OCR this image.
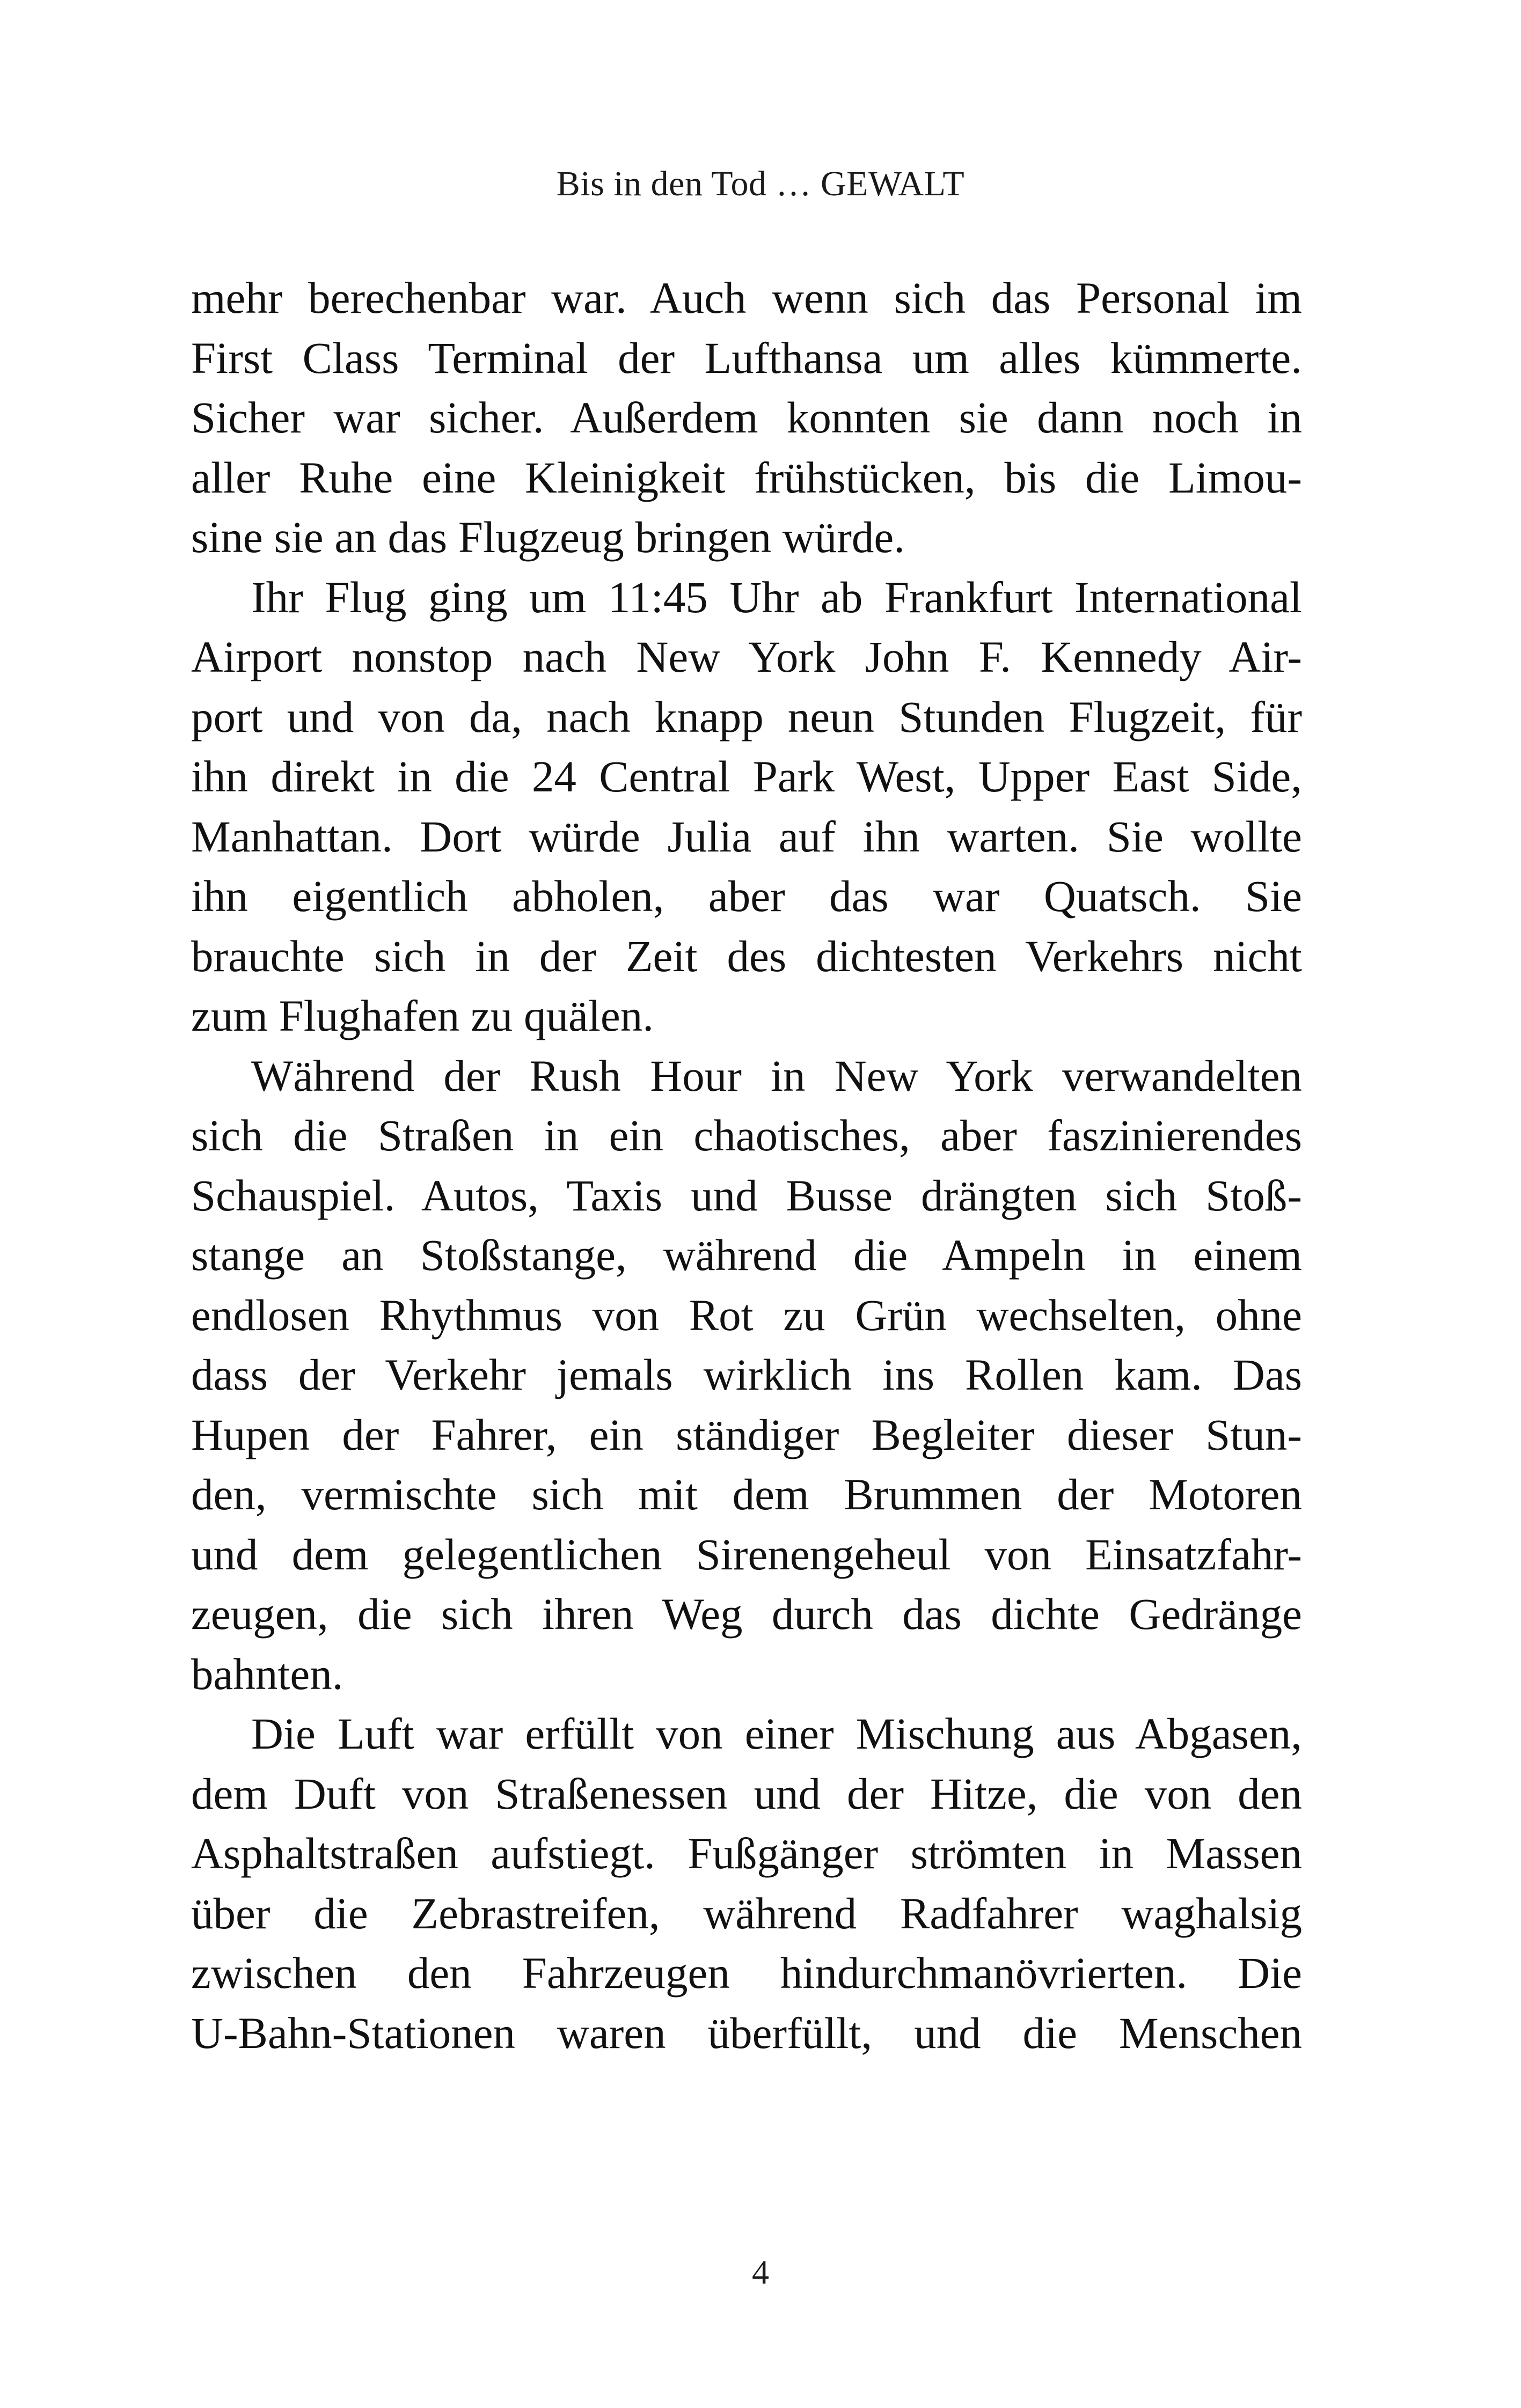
Bis in den Tod … GEWALT
mehr berechenbar war. Auch wenn sich das Personal im
First Class Terminal der Lufthansa um alles kümmerte.
Sicher war sicher. Außerdem konnten sie dann noch in
aller Ruhe eine Kleinigkeit frühstücken, bis die Limou-
sine sie an das Flugzeug bringen würde.
Ihr Flug ging um 11:45 Uhr ab Frankfurt International
Airport nonstop nach New York John F. Kennedy Air-
port und von da, nach knapp neun Stunden Flugzeit, für
ihn direkt in die 24 Central Park West, Upper East Side,
Manhattan. Dort würde Julia auf ihn warten. Sie wollte
ihn eigentlich abholen, aber das war Quatsch. Sie
brauchte sich in der Zeit des dichtesten Verkehrs nicht
zum Flughafen zu quälen.
Während der Rush Hour in New York verwandelten
sich die Straßen in ein chaotisches, aber faszinierendes
Schauspiel. Autos, Taxis und Busse drängten sich Stoß-
stange an Stoßstange, während die Ampeln in einem
endlosen Rhythmus von Rot zu Grün wechselten, ohne
dass der Verkehr jemals wirklich ins Rollen kam. Das
Hupen der Fahrer, ein ständiger Begleiter dieser Stun-
den, vermischte sich mit dem Brummen der Motoren
und dem gelegentlichen Sirenengeheul von Einsatzfahr-
zeugen, die sich ihren Weg durch das dichte Gedränge
bahnten.
Die Luft war erfüllt von einer Mischung aus Abgasen,
dem Duft von Straßenessen und der Hitze, die von den
Asphaltstraßen aufstiegt. Fußgänger strömten in Massen
über die Zebrastreifen, während Radfahrer waghalsig
zwischen den Fahrzeugen hindurchmanövrierten. Die
U-Bahn-Stationen waren überfüllt, und die Menschen
4
